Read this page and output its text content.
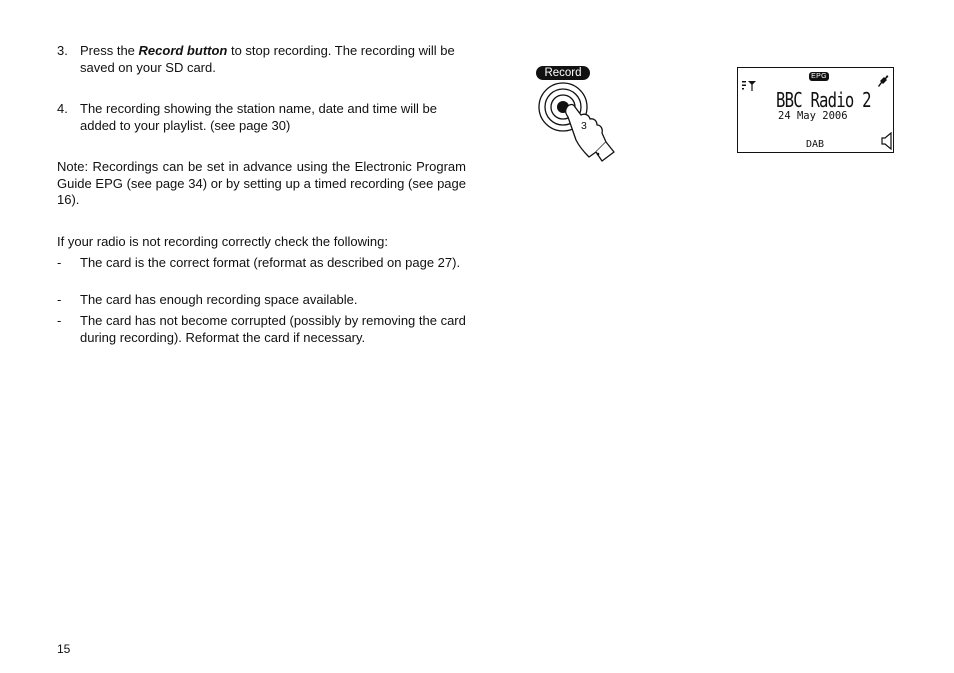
3. Press the Record button to stop recording. The recording will be saved on your SD card.
4. The recording showing the station name, date and time will be added to your playlist. (see page 30)
Note: Recordings can be set in advance using the Electronic Program Guide EPG (see page 34) or by setting up a timed recording (see page 16).
If your radio is not recording correctly check the following:
- The card is the correct format (reformat as described on page 27).
- The card has enough recording space available.
- The card has not become corrupted (possibly by removing the card during recording). Reformat the card if necessary.
Record
3
EPG
BBC Radio 2
24 May 2006
DAB
15
